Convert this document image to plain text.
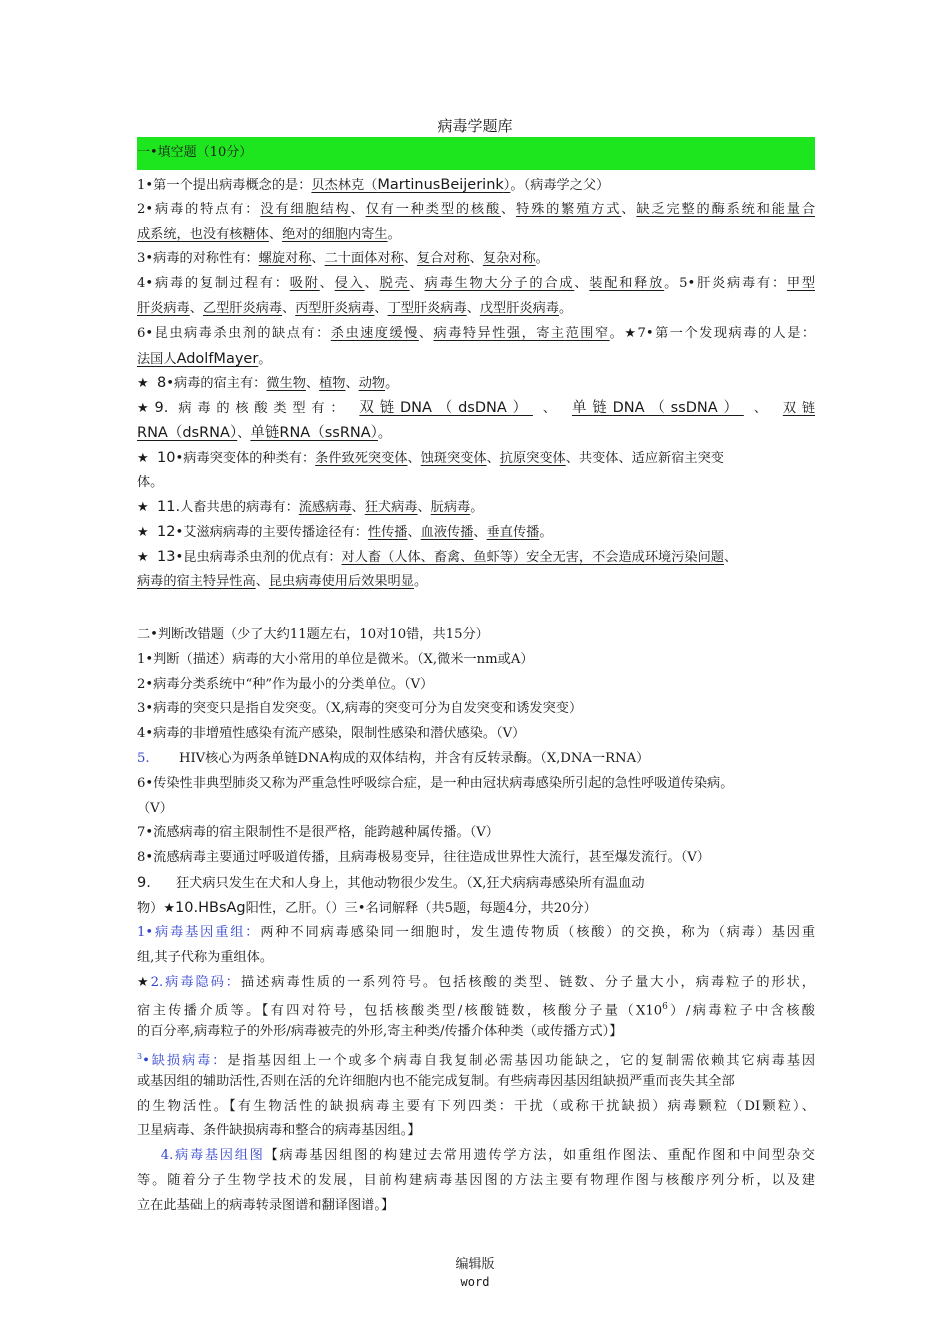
病毒学题库
一•填空题（10分）
1•第一个提出病毒概念的是：贝杰林克（MartinusBeijerink）。（病毒学之父）
2•病毒的特点有：没有细胞结构、仅有一种类型的核酸、特殊的繁殖方式、缺乏完整的酶系统和能量合
成系统，也没有核糖体、绝对的细胞内寄生。
3•病毒的对称性有：螺旋对称、二十面体对称、复合对称、复杂对称。
4•病毒的复制过程有：吸附、侵入、脱壳、病毒生物大分子的合成、装配和释放。5•肝炎病毒有：甲型
肝炎病毒、乙型肝炎病毒、丙型肝炎病毒、丁型肝炎病毒、戊型肝炎病毒。
6•昆虫病毒杀虫剂的缺点有：杀虫速度缓慢、病毒特异性强，寄主范围窄。★7•第一个发现病毒的人是：
法国人AdolfMayer。
★ 8•病毒的宿主有：微生物、植物、动物。
★9. 病毒的核酸类型有： 双链DNA（dsDNA） 、 单链DNA（ssDNA） 、 双链
RNA（dsRNA）、单链RNA（ssRNA）。
★ 10•病毒突变体的种类有：条件致死突变体、蚀斑突变体、抗原突变体、共变体、适应新宿主突变
体。
★ 11.人畜共患的病毒有：流感病毒、狂犬病毒、朊病毒。
★ 12•艾滋病病毒的主要传播途径有：性传播、血液传播、垂直传播。
★ 13•昆虫病毒杀虫剂的优点有：对人畜（人体、畜禽、鱼虾等）安全无害，不会造成环境污染问题、
病毒的宿主特异性高、昆虫病毒使用后效果明显。
二•判断改错题（少了大约11题左右，10对10错，共15分）
1•判断（描述）病毒的大小常用的单位是微米。（X,微米一nm或A）
2•病毒分类系统中“种”作为最小的分类单位。（V）
3•病毒的突变只是指自发突变。（X,病毒的突变可分为自发突变和诱发突变）
4•病毒的非增殖性感染有流产感染，限制性感染和潜伏感染。（V）
5. HIV核心为两条单链DNA构成的双体结构，并含有反转录酶。（X,DNA一RNA）
6•传染性非典型肺炎又称为严重急性呼吸综合症，是一种由冠状病毒感染所引起的急性呼吸道传染病。
（V）
7•流感病毒的宿主限制性不是很严格，能跨越种属传播。（V）
8•流感病毒主要通过呼吸道传播，且病毒极易变异，往往造成世界性大流行，甚至爆发流行。（V）
9. 狂犬病只发生在犬和人身上，其他动物很少发生。（X,狂犬病病毒感染所有温血动
物）★10.HBsAg阳性，乙肝。（）三•名词解释（共5题，每题4分，共20分）
1•病毒基因重组：两种不同病毒感染同一细胞时，发生遗传物质（核酸）的交换，称为（病毒）基因重
组,其子代称为重组体。
★2.病毒隐码：描述病毒性质的一系列符号。包括核酸的类型、链数、分子量大小，病毒粒子的形状，
宿主传播介质等。【有四对符号，包括核酸类型/核酸链数，核酸分子量$(X10^6)/$病毒粒子中含核酸
的百分率,病毒粒子的外形/病毒被壳的外形,寄主种类/传播介体种类（或传播方式）】
$^3$•缺损病毒：是指基因组上一个或多个病毒自我复制必需基因功能缺之，它的复制需依赖其它病毒基因
或基因组的辅助活性,否则在活的允许细胞内也不能完成复制。有些病毒因基因组缺损严重而丧失其全部
的生物活性。【有生物活性的缺损病毒主要有下列四类：干扰（或称干扰缺损）病毒颗粒（DI颗粒）、
卫星病毒、条件缺损病毒和整合的病毒基因组。】
4.病毒基因组图【病毒基因组图的构建过去常用遗传学方法，如重组作图法、重配作图和中间型杂交
等。随着分子生物学技术的发展，目前构建病毒基因图的方法主要有物理作图与核酸序列分析，以及建
立在此基础上的病毒转录图谱和翻译图谱。】
编辑版
word
